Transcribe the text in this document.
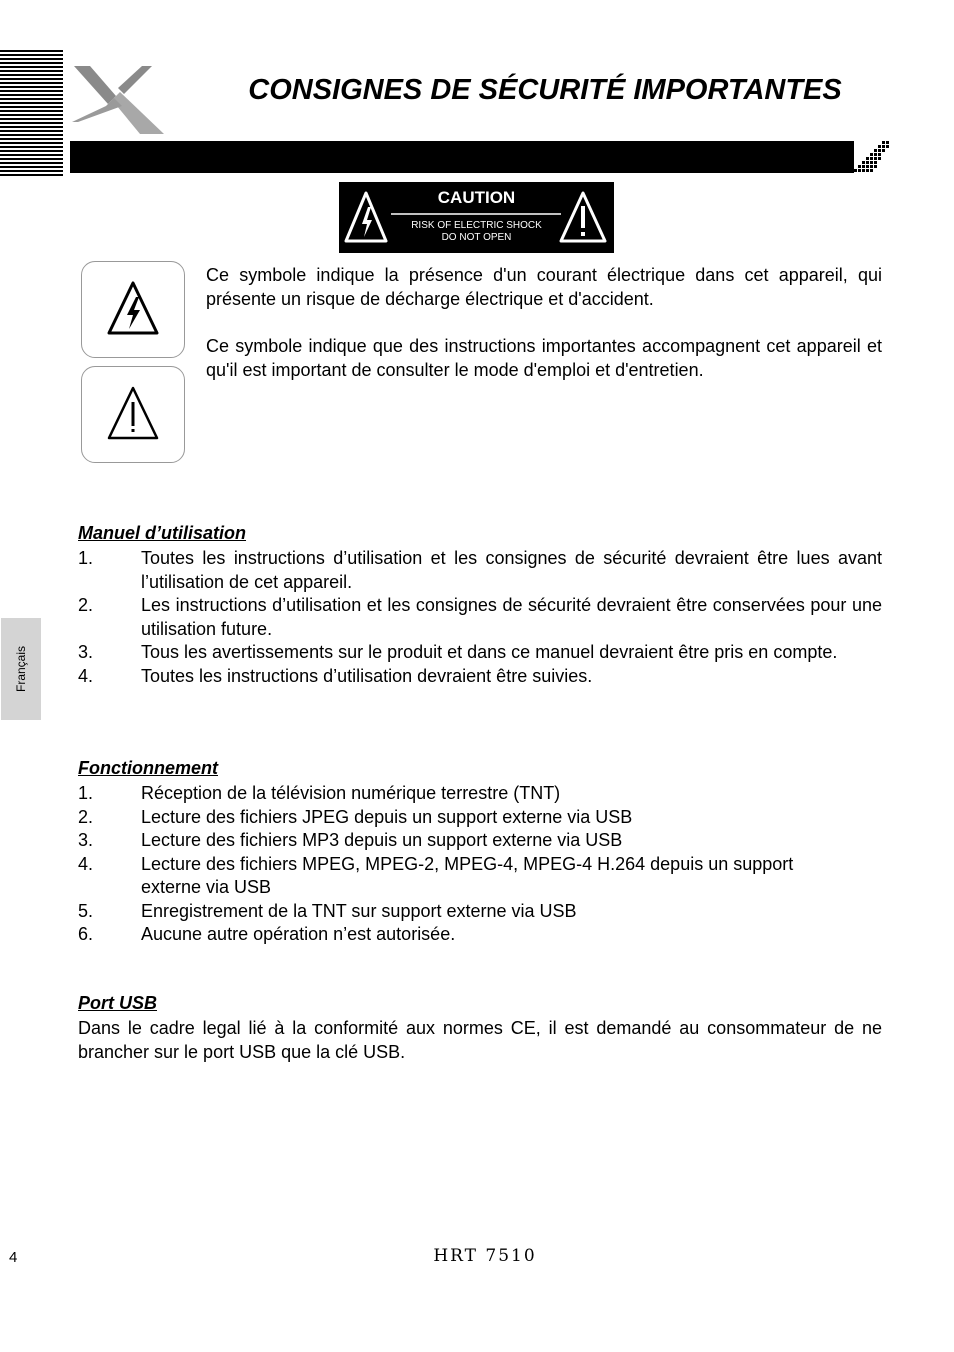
CONSIGNES DE SÉCURITÉ IMPORTANTES
CAUTION
RISK OF ELECTRIC SHOCK
DO NOT OPEN
Ce symbole indique la présence d'un courant électrique dans cet appareil, qui présente un risque de décharge électrique et d'accident.
Ce symbole indique que des instructions importantes accompagnent cet appareil et qu'il est important de consulter le mode d'emploi et d'entretien.
Manuel d’utilisation
1.	Toutes les instructions d’utilisation et les consignes de sécurité devraient être lues avant l’utilisation de cet appareil.
2.	Les instructions d’utilisation et les consignes de sécurité devraient être conservées pour une utilisation future.
3.	Tous les avertissements sur le produit et dans ce manuel devraient être pris en compte.
4.	Toutes les instructions d’utilisation devraient être suivies.
Fonctionnement
1.	Réception de la télévision numérique terrestre (TNT)
2.	Lecture des fichiers JPEG depuis un support externe via USB
3.	Lecture des fichiers MP3 depuis un support externe via USB
4.	Lecture des fichiers MPEG, MPEG-2, MPEG-4, MPEG-4 H.264 depuis un support externe via USB
5.	Enregistrement de la TNT sur support externe via USB
6.	Aucune autre opération n’est autorisée.
Port USB
Dans le cadre legal lié à la conformité aux normes CE, il est demandé au consommateur de ne brancher sur le port USB que la clé USB.
Français
4	HRT 7510
